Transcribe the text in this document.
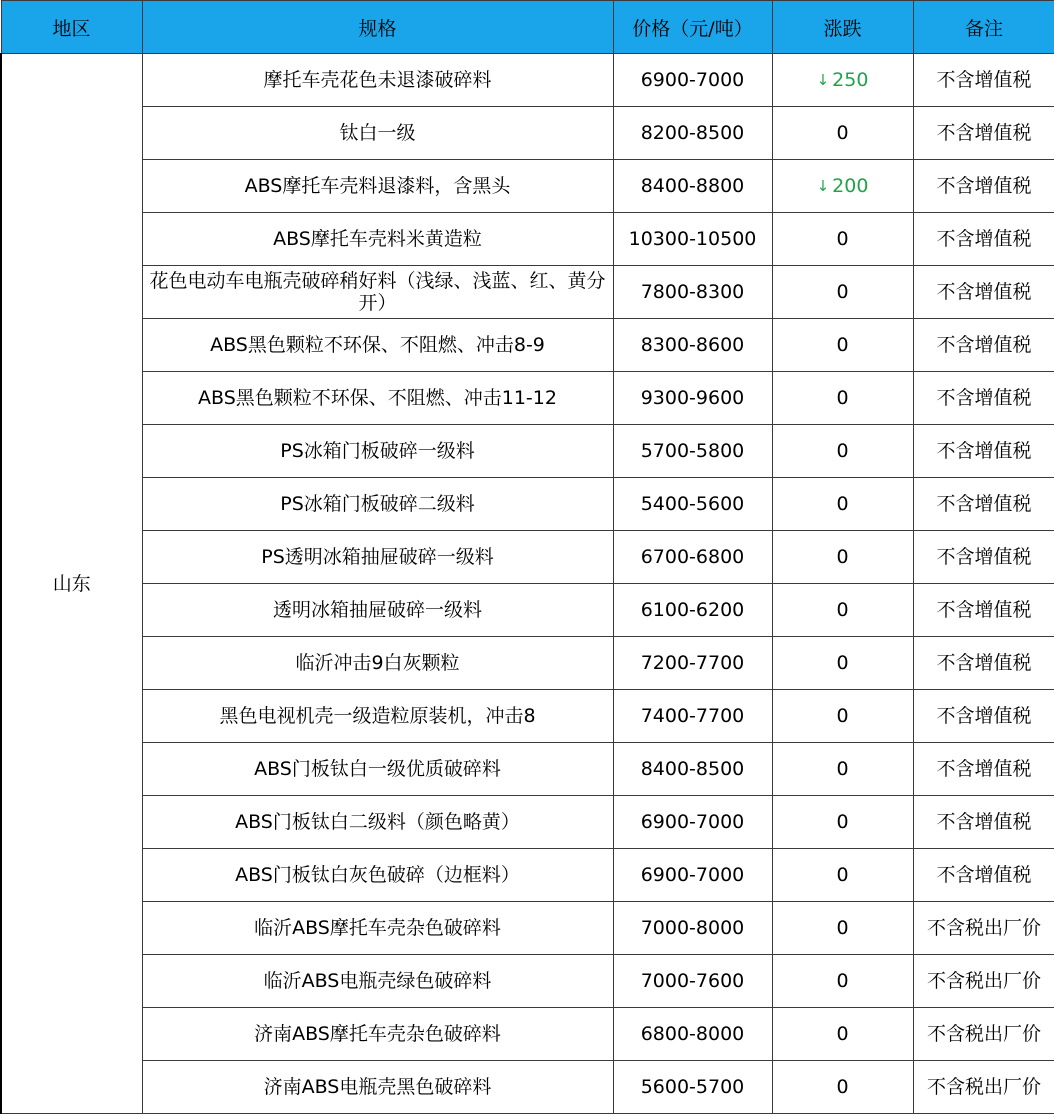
地区	规格	价格（元/吨）	涨跌	备注
山东	摩托车壳花色未退漆破碎料	6900-7000	↓ 250	不含增值税
	钛白一级	8200-8500	0	不含增值税
	ABS摩托车壳料退漆料，含黑头	8400-8800	↓ 200	不含增值税
	ABS摩托车壳料米黄造粒	10300-10500	0	不含增值税
	花色电动车电瓶壳破碎稍好料（浅绿、浅蓝、红、黄分开）	7800-8300	0	不含增值税
	ABS黑色颗粒不环保、不阻燃、冲击8-9	8300-8600	0	不含增值税
	ABS黑色颗粒不环保、不阻燃、冲击11-12	9300-9600	0	不含增值税
	PS冰箱门板破碎一级料	5700-5800	0	不含增值税
	PS冰箱门板破碎二级料	5400-5600	0	不含增值税
	PS透明冰箱抽屉破碎一级料	6700-6800	0	不含增值税
	透明冰箱抽屉破碎一级料	6100-6200	0	不含增值税
	临沂冲击9白灰颗粒	7200-7700	0	不含增值税
	黑色电视机壳一级造粒原装机，冲击8	7400-7700	0	不含增值税
	ABS门板钛白一级优质破碎料	8400-8500	0	不含增值税
	ABS门板钛白二级料（颜色略黄）	6900-7000	0	不含增值税
	ABS门板钛白灰色破碎（边框料）	6900-7000	0	不含增值税
	临沂ABS摩托车壳杂色破碎料	7000-8000	0	不含税出厂价
	临沂ABS电瓶壳绿色破碎料	7000-7600	0	不含税出厂价
	济南ABS摩托车壳杂色破碎料	6800-8000	0	不含税出厂价
	济南ABS电瓶壳黑色破碎料	5600-5700	0	不含税出厂价
